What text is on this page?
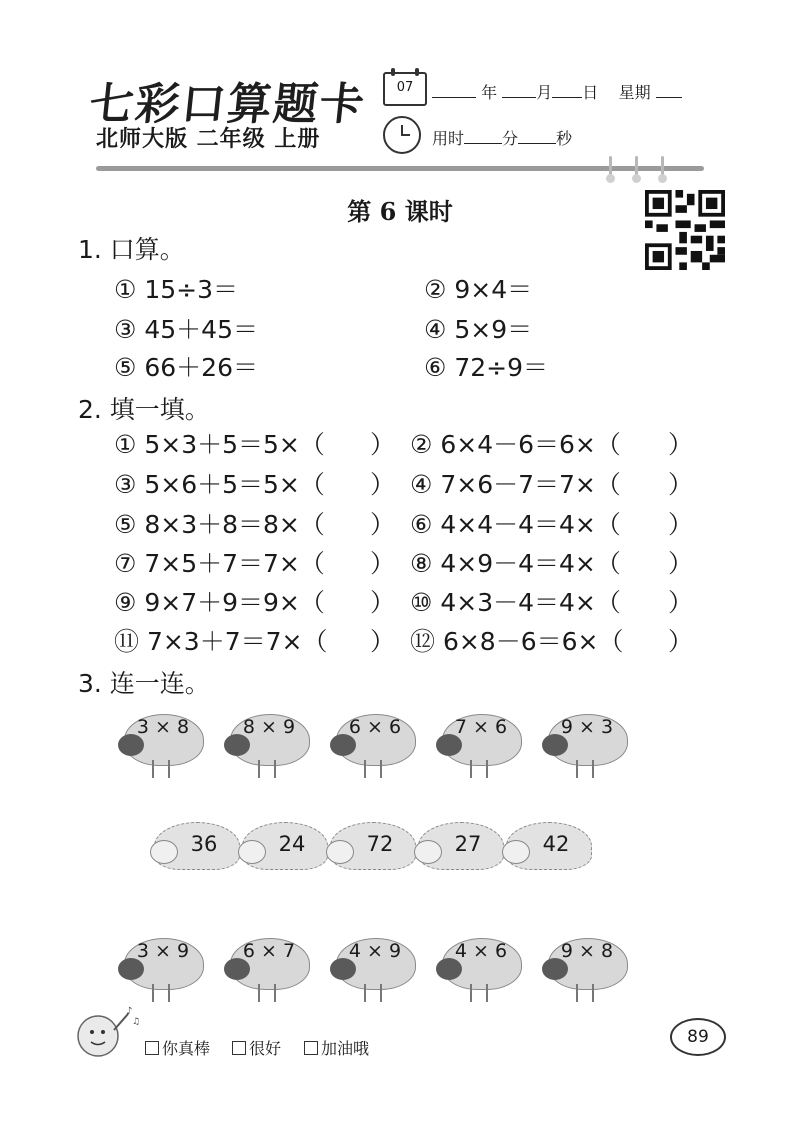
七彩口算题卡
北师大版 二年级 上册
07	年 月 日 星期
用时 分 秒
第 6 课时
1. 口算。
① 15÷3＝	② 9×4＝
③ 45＋45＝	④ 5×9＝
⑤ 66＋26＝	⑥ 72÷9＝
2. 填一填。
① 5×3＋5＝5×（ ） ② 6×4－6＝6×（ ）
③ 5×6＋5＝5×（ ） ④ 7×6－7＝7×（ ）
⑤ 8×3＋8＝8×（ ） ⑥ 4×4－4＝4×（ ）
⑦ 7×5＋7＝7×（ ） ⑧ 4×9－4＝4×（ ）
⑨ 9×7＋9＝9×（ ） ⑩ 4×3－4＝4×（ ）
⑪ 7×3＋7＝7×（ ） ⑫ 6×8－6＝6×（ ）
3. 连一连。
3 × 8	8 × 9	6 × 6	7 × 6	9 × 3
36	24	72	27	42
3 × 9	6 × 7	4 × 9	4 × 6	9 × 8
♪
♫
你真棒	很好	加油哦
89
